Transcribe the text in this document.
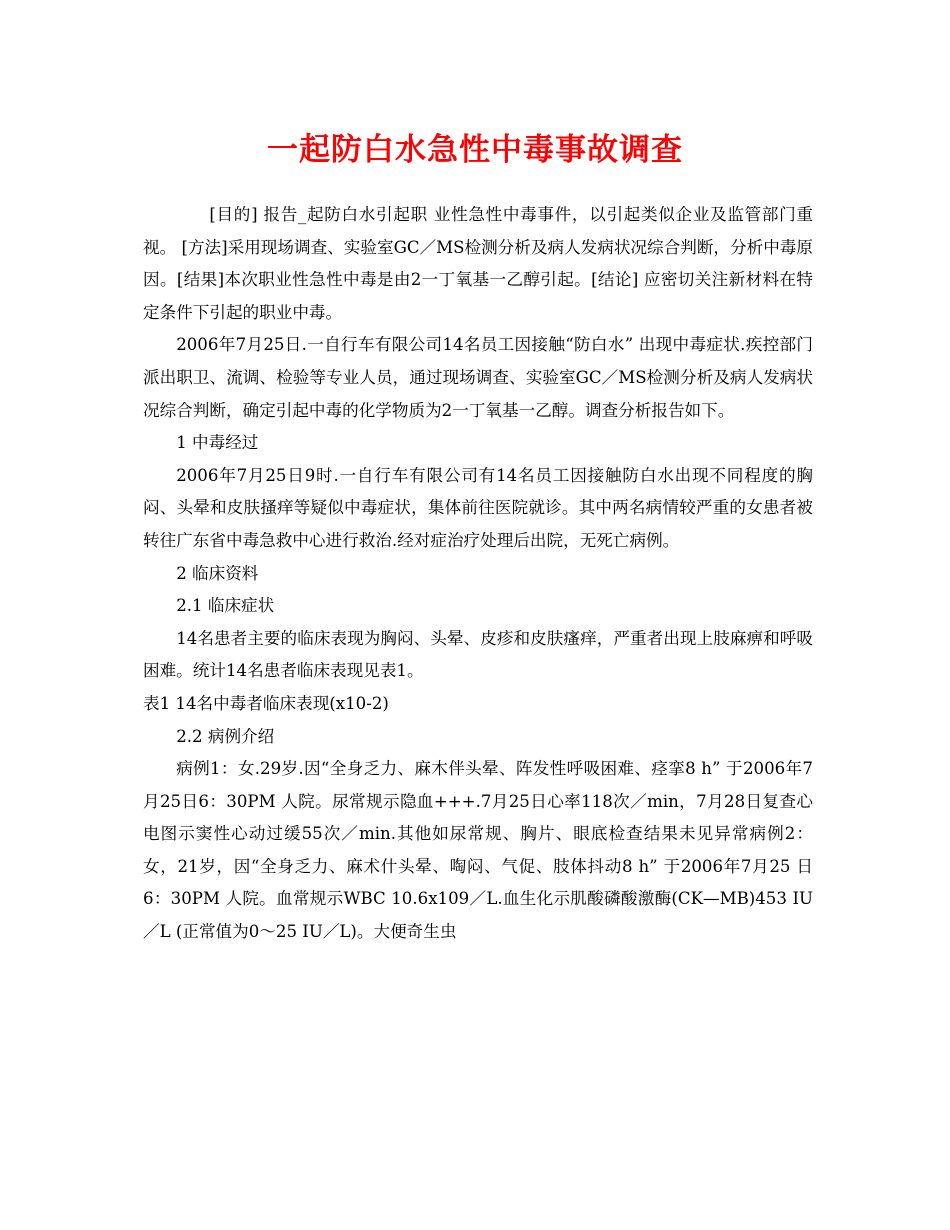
一起防白水急性中毒事故调查

[目的] 报告_起防白水引起职 业性急性中毒事件，以引起类似企业及监管部门重视。 [方法]采用现场调查、实验室GC／MS检测分析及病人发病状况综合判断，分析中毒原因。[结果]本次职业性急性中毒是由2一丁氧基一乙醇引起。[结论] 应密切关注新材料在特定条件下引起的职业中毒。

2006年7月25日.一自行车有限公司14名员工因接触“防白水” 出现中毒症状.疾控部门派出职卫、流调、检验等专业人员，通过现场调查、实验室GC／MS检测分析及病人发病状况综合判断，确定引起中毒的化学物质为2一丁氧基一乙醇。调查分析报告如下。

1 中毒经过

2006年7月25日9时.一自行车有限公司有14名员工因接触防白水出现不同程度的胸闷、头晕和皮肤搔痒等疑似中毒症状，集体前往医院就诊。其中两名病情较严重的女患者被转往广东省中毒急救中心进行救治.经对症治疗处理后出院，无死亡病例。

2 临床资料

2.1 临床症状

14名患者主要的临床表现为胸闷、头晕、皮疹和皮肤瘙痒，严重者出现上肢麻痹和呼吸困难。统计14名患者临床表现见表1。

表1 14名中毒者临床表现(x10-2)

2.2 病例介绍

病例1：女.29岁.因“全身乏力、麻木伴头晕、阵发性呼吸困难、痉挛8 h” 于2006年7月25日6：30PM 人院。尿常规示隐血+++.7月25日心率118次／min，7月28日复查心电图示窦性心动过缓55次／min.其他如尿常规、胸片、眼底检查结果未见异常病例2： 女，21岁，因“全身乏力、麻术什头晕、啕闷、气促、肢体抖动8 h” 于2006年7月25 日6：30PM 人院。血常规示WBC 10.6x109／L.血生化示肌酸磷酸激酶(CK—MB)453 IU／L (正常值为0～25 IU／L)。大便奇生虫
